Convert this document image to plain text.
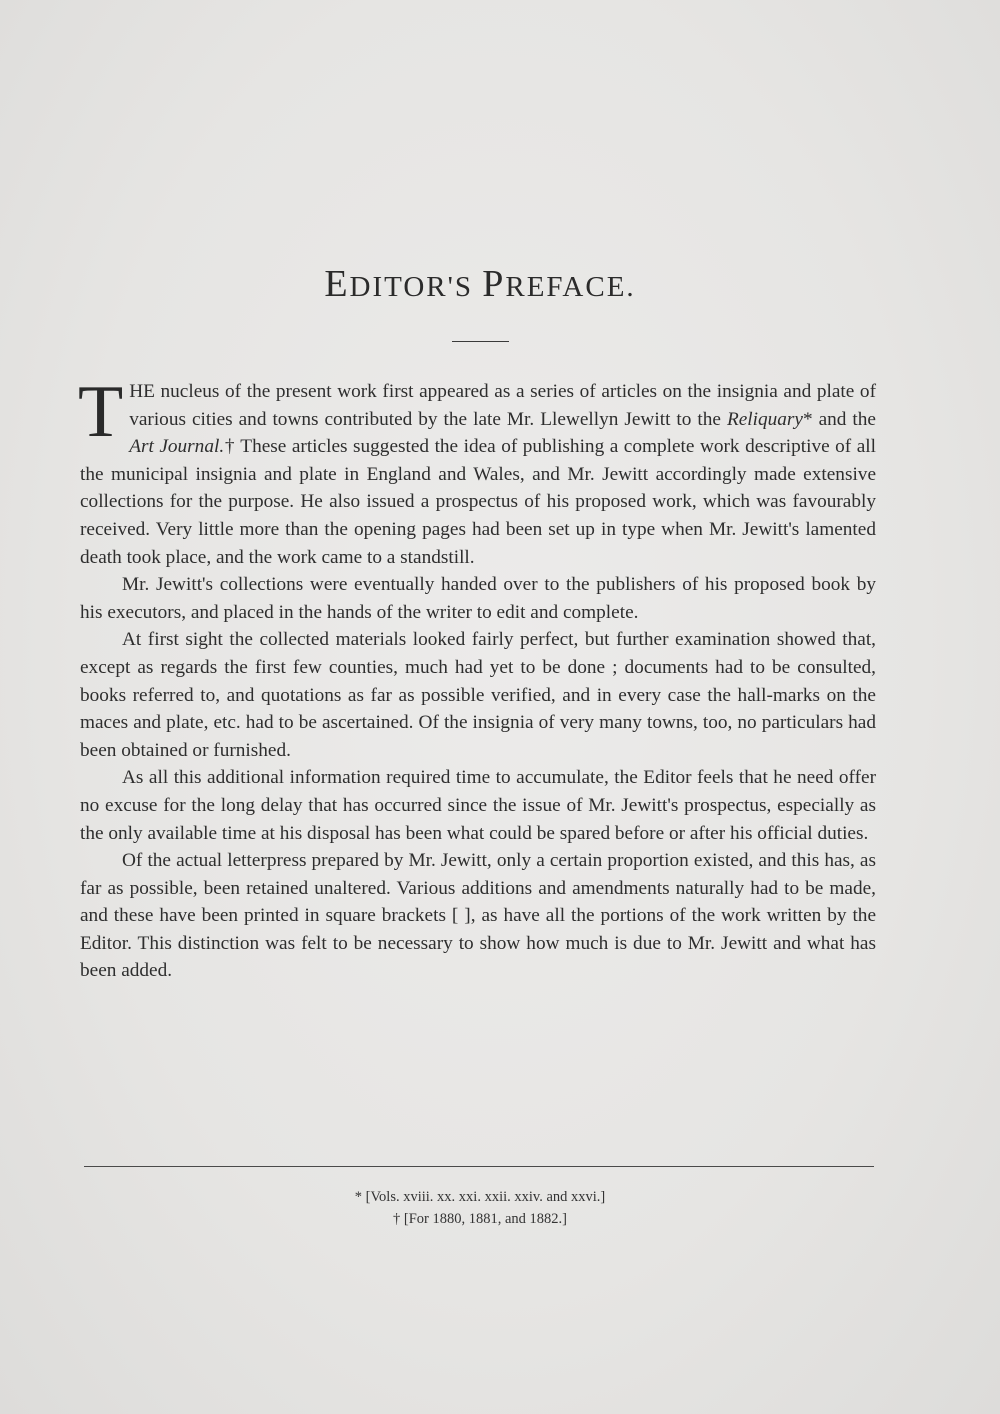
EDITOR'S PREFACE.

THE nucleus of the present work first appeared as a series of articles on the insignia and plate of various cities and towns contributed by the late Mr. Llewellyn Jewitt to the Reliquary* and the Art Journal.† These articles suggested the idea of publishing a complete work descriptive of all the municipal insignia and plate in England and Wales, and Mr. Jewitt accordingly made extensive collections for the purpose. He also issued a prospectus of his proposed work, which was favourably received. Very little more than the opening pages had been set up in type when Mr. Jewitt's lamented death took place, and the work came to a standstill.

Mr. Jewitt's collections were eventually handed over to the publishers of his proposed book by his executors, and placed in the hands of the writer to edit and complete.

At first sight the collected materials looked fairly perfect, but further examination showed that, except as regards the first few counties, much had yet to be done ; documents had to be consulted, books referred to, and quotations as far as possible verified, and in every case the hall-marks on the maces and plate, etc. had to be ascertained. Of the insignia of very many towns, too, no particulars had been obtained or furnished.

As all this additional information required time to accumulate, the Editor feels that he need offer no excuse for the long delay that has occurred since the issue of Mr. Jewitt's prospectus, especially as the only available time at his disposal has been what could be spared before or after his official duties.

Of the actual letterpress prepared by Mr. Jewitt, only a certain proportion existed, and this has, as far as possible, been retained unaltered. Various additions and amendments naturally had to be made, and these have been printed in square brackets [ ], as have all the portions of the work written by the Editor. This distinction was felt to be necessary to show how much is due to Mr. Jewitt and what has been added.

* [Vols. xviii. xx. xxi. xxii. xxiv. and xxvi.]
† [For 1880, 1881, and 1882.]
